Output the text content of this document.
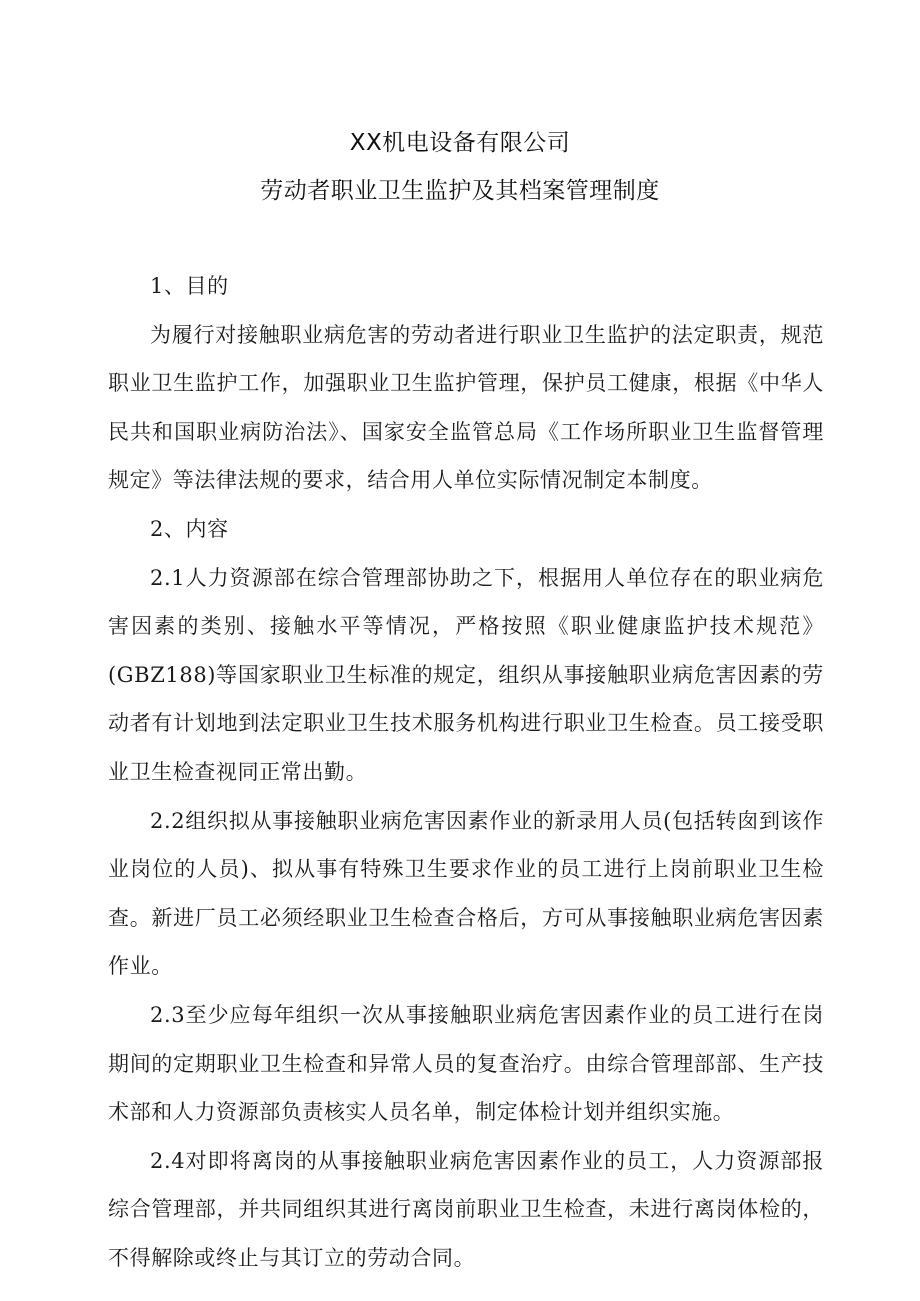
XX机电设备有限公司
劳动者职业卫生监护及其档案管理制度

1、目的

为履行对接触职业病危害的劳动者进行职业卫生监护的法定职责，规范职业卫生监护工作，加强职业卫生监护管理，保护员工健康，根据《中华人民共和国职业病防治法》、国家安全监管总局《工作场所职业卫生监督管理规定》等法律法规的要求，结合用人单位实际情况制定本制度。

2、内容

2.1人力资源部在综合管理部协助之下，根据用人单位存在的职业病危害因素的类别、接触水平等情况，严格按照《职业健康监护技术规范》(GBZ188)等国家职业卫生标准的规定，组织从事接触职业病危害因素的劳动者有计划地到法定职业卫生技术服务机构进行职业卫生检查。员工接受职业卫生检查视同正常出勤。

2.2组织拟从事接触职业病危害因素作业的新录用人员(包括转囱到该作业岗位的人员)、拟从事有特殊卫生要求作业的员工进行上岗前职业卫生检查。新进厂员工必须经职业卫生检查合格后，方可从事接触职业病危害因素作业。

2.3至少应每年组织一次从事接触职业病危害因素作业的员工进行在岗期间的定期职业卫生检查和异常人员的复查治疗。由综合管理部部、生产技术部和人力资源部负责核实人员名单，制定体检计划并组织实施。

2.4对即将离岗的从事接触职业病危害因素作业的员工，人力资源部报综合管理部，并共同组织其进行离岗前职业卫生检查，未进行离岗体检的，不得解除或终止与其订立的劳动合同。
